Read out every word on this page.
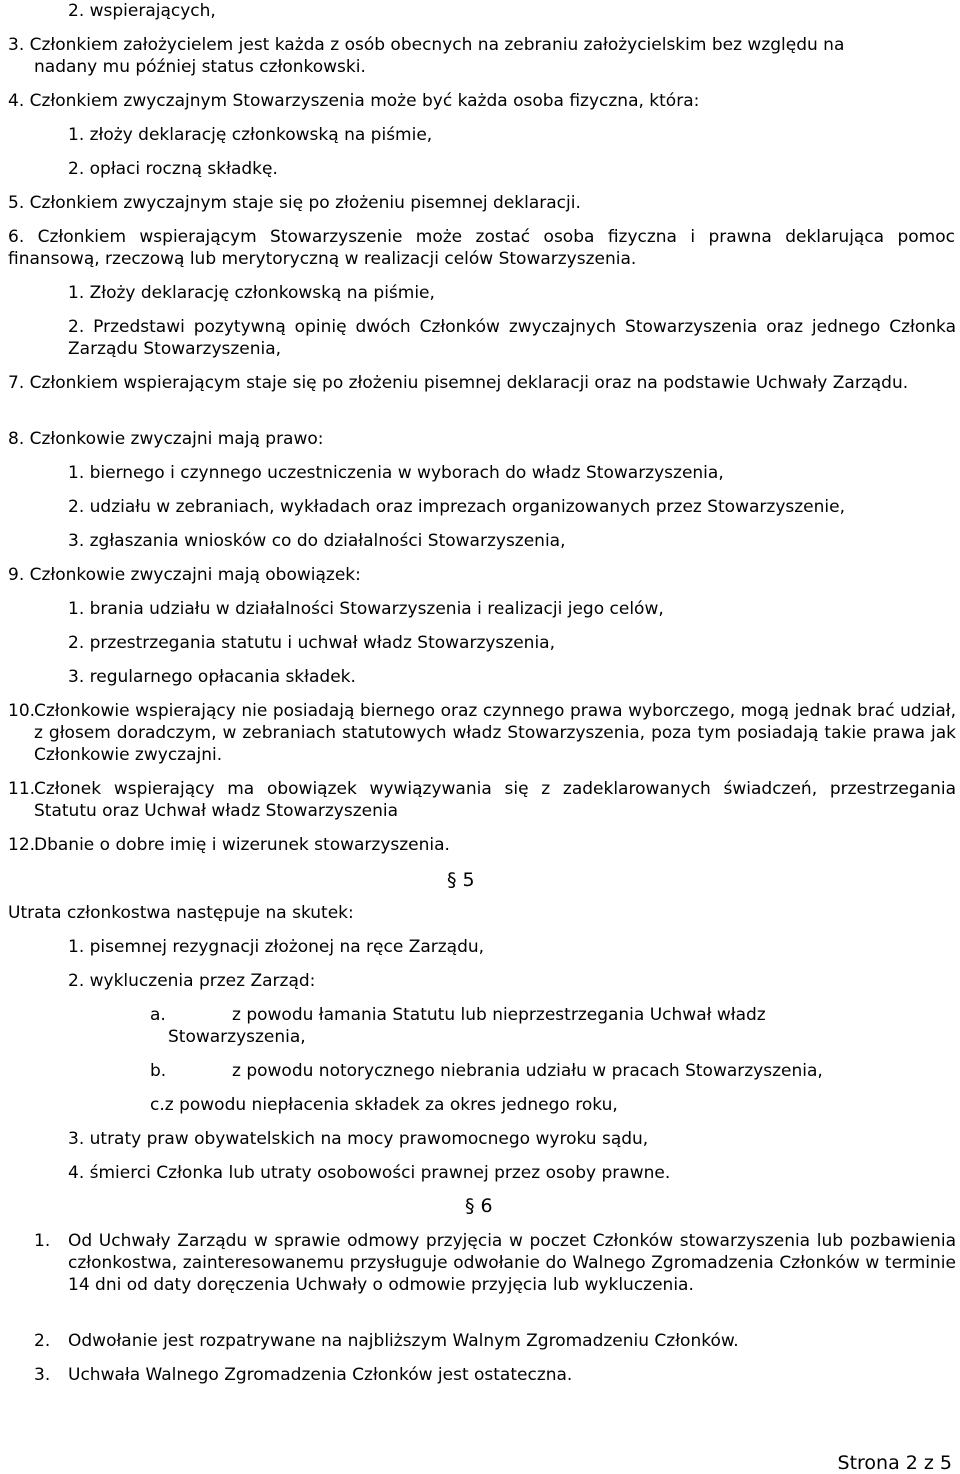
2. wspierających,
3. Członkiem założycielem jest każda z osób obecnych na zebraniu założycielskim bez względu na
nadany mu później status członkowski.
4. Członkiem zwyczajnym Stowarzyszenia może być każda osoba fizyczna, która:
1. złoży deklarację członkowską na piśmie,
2. opłaci roczną składkę.
5. Członkiem zwyczajnym staje się po złożeniu pisemnej deklaracji.
6. Członkiem wspierającym Stowarzyszenie może zostać osoba fizyczna i prawna deklarująca pomoc finansową, rzeczową lub merytoryczną w realizacji celów Stowarzyszenia.
1. Złoży deklarację członkowską na piśmie,
2. Przedstawi pozytywną opinię dwóch Członków zwyczajnych Stowarzyszenia oraz jednego Członka Zarządu Stowarzyszenia,
7. Członkiem wspierającym staje się po złożeniu pisemnej deklaracji oraz na podstawie Uchwały Zarządu.
8. Członkowie zwyczajni mają prawo:
1. biernego i czynnego uczestniczenia w wyborach do władz Stowarzyszenia,
2. udziału w zebraniach, wykładach oraz imprezach organizowanych przez Stowarzyszenie,
3. zgłaszania wniosków co do działalności Stowarzyszenia,
9. Członkowie zwyczajni mają obowiązek:
1. brania udziału w działalności Stowarzyszenia i realizacji jego celów,
2. przestrzegania statutu i uchwał władz Stowarzyszenia,
3. regularnego opłacania składek.
10.
Członkowie wspierający nie posiadają biernego oraz czynnego prawa wyborczego, mogą jednak brać udział, z głosem doradczym, w zebraniach statutowych władz Stowarzyszenia, poza tym posiadają takie prawa jak Członkowie zwyczajni.
11.
Członek wspierający ma obowiązek wywiązywania się z zadeklarowanych świadczeń, przestrzegania Statutu oraz Uchwał władz Stowarzyszenia
12.
Dbanie o dobre imię i wizerunek stowarzyszenia.
§ 5
Utrata członkostwa następuje na skutek:
1. pisemnej rezygnacji złożonej na ręce Zarządu,
2. wykluczenia przez Zarząd:
a.	z powodu łamania Statutu lub nieprzestrzegania Uchwał władz
Stowarzyszenia,
b.	z powodu notorycznego niebrania udziału w pracach Stowarzyszenia,
c.z powodu niepłacenia składek za okres jednego roku,
3. utraty praw obywatelskich na mocy prawomocnego wyroku sądu,
4. śmierci Członka lub utraty osobowości prawnej przez osoby prawne.
§ 6
1. Od Uchwały Zarządu w sprawie odmowy przyjęcia w poczet Członków stowarzyszenia lub pozbawienia członkostwa, zainteresowanemu przysługuje odwołanie do Walnego Zgromadzenia Członków w terminie 14 dni od daty doręczenia Uchwały o odmowie przyjęcia lub wykluczenia.
2. Odwołanie jest rozpatrywane na najbliższym Walnym Zgromadzeniu Członków.
3. Uchwała Walnego Zgromadzenia Członków jest ostateczna.
Strona 2 z 5
